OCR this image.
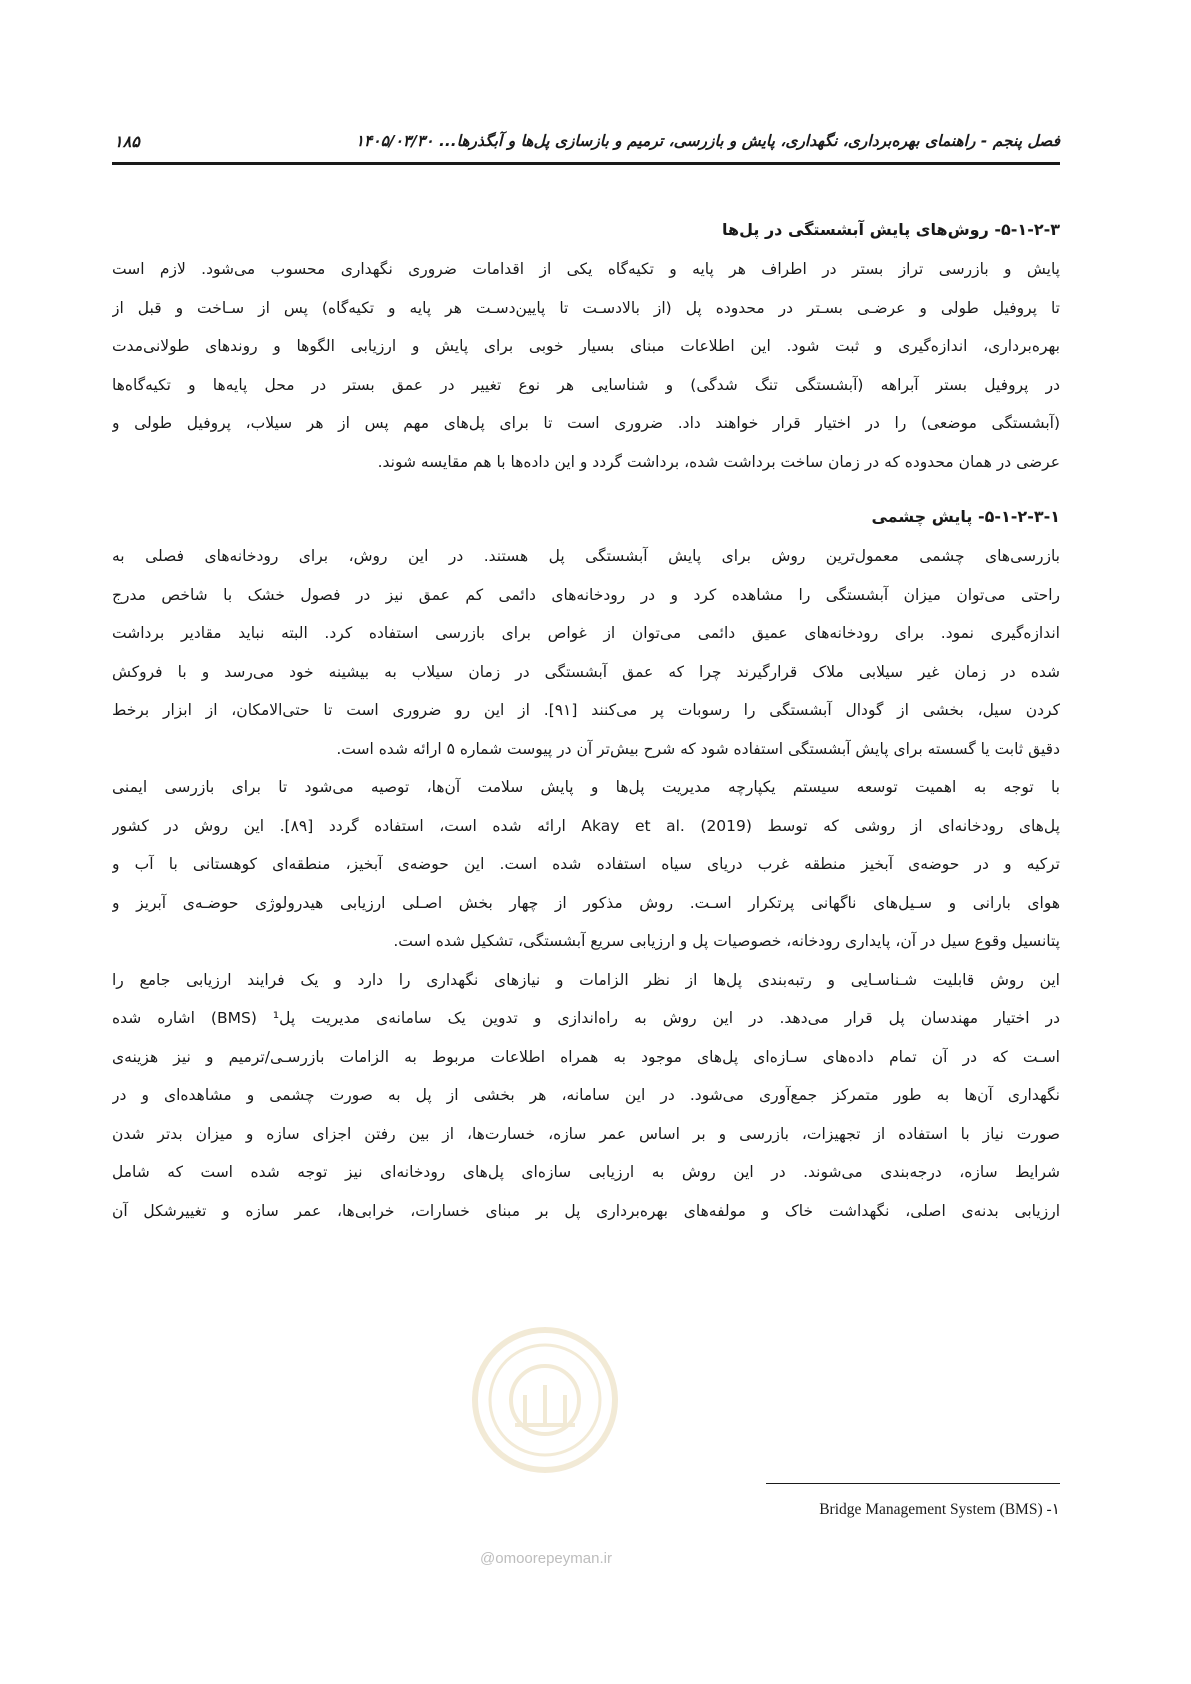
فصل پنجم - راهنمای بهره‌برداری، نگهداری، پایش و بازرسی، ترمیم و بازسازی پل‌ها و آبگذرها... ۱۴۰۵/۰۳/۳۰
۱۸۵
۵-۱-۲-۳- روش‌های پایش آبشستگی در پل‌ها
پایش و بازرسی تراز بستر در اطراف هر پایه و تکیه‌گاه یکی از اقدامات ضروری نگهداری محسوب می‌شود. لازم است
تا پروفیل طولی و عرضـی بسـتر در محدوده پل (از بالادسـت تا پایین‌دسـت هر پایه و تکیه‌گاه) پس از سـاخت و قبل از
بهره‌برداری، اندازه‌گیری و ثبت شود. این اطلاعات مبنای بسیار خوبی برای پایش و ارزیابی الگوها و روندهای طولانی‌مدت
در پروفیل بستر آبراهه (آبشستگی تنگ شدگی) و شناسایی هر نوع تغییر در عمق بستر در محل پایه‌ها و تکیه‌گاه‌ها
(آبشستگی موضعی) را در اختیار قرار خواهند داد. ضروری است تا برای پل‌های مهم پس از هر سیلاب، پروفیل طولی و
عرضی در همان محدوده که در زمان ساخت برداشت شده، برداشت گردد و این داده‌ها با هم مقایسه شوند.
۵-۱-۲-۳-۱- پایش چشمی
بازرسی‌های چشمی معمول‌ترین روش برای پایش آبشستگی پل هستند. در این روش، برای رودخانه‌های فصلی به
راحتی می‌توان میزان آبشستگی را مشاهده کرد و در رودخانه‌های دائمی کم عمق نیز در فصول خشک با شاخص مدرج
اندازه‌گیری نمود. برای رودخانه‌های عمیق دائمی می‌توان از غواص برای بازرسی استفاده کرد. البته نباید مقادیر برداشت
شده در زمان غیر سیلابی ملاک قرارگیرند چرا که عمق آبشستگی در زمان سیلاب به بیشینه خود می‌رسد و با فروکش
کردن سیل، بخشی از گودال آبشستگی را رسوبات پر می‌کنند [۹۱]. از این رو ضروری است تا حتی‌الامکان، از ابزار برخط
دقیق ثابت یا گسسته برای پایش آبشستگی استفاده شود که شرح بیش‌تر آن در پیوست شماره ۵ ارائه شده است.
با توجه به اهمیت توسعه سیستم یکپارچه مدیریت پل‌ها و پایش سلامت آن‌ها، توصیه می‌شود تا برای بازرسی ایمنی
پل‌های رودخانه‌ای از روشی که توسط Akay et al. (2019) ارائه شده است، استفاده گردد [۸۹]. این روش در کشور
ترکیه و در حوضه‌ی آبخیز منطقه غرب دریای سیاه استفاده شده است. این حوضه‌ی آبخیز، منطقه‌ای کوهستانی با آب و
هوای بارانی و سـیل‌های ناگهانی پرتکرار اسـت. روش مذکور از چهار بخش اصـلی ارزیابی هیدرولوژی حوضـه‌ی آبریز و
پتانسیل وقوع سیل در آن، پایداری رودخانه، خصوصیات پل و ارزیابی سریع آبشستگی، تشکیل شده است.
این روش قابلیت شـناسـایی و رتبه‌بندی پل‌ها از نظر الزامات و نیازهای نگهداری را دارد و یک فرایند ارزیابی جامع را
در اختیار مهندسان پل قرار می‌دهد. در این روش به راه‌اندازی و تدوین یک سامانه‌ی مدیریت پل¹ (BMS) اشاره شده
اسـت که در آن تمام داده‌های سـازه‌ای پل‌های موجود به همراه اطلاعات مربوط به الزامات بازرسـی/ترمیم و نیز هزینه‌ی
نگهداری آن‌ها به طور متمرکز جمع‌آوری می‌شود. در این سامانه، هر بخشی از پل به صورت چشمی و مشاهده‌ای و در
صورت نیاز با استفاده از تجهیزات، بازرسی و بر اساس عمر سازه، خسارت‌ها، از بین رفتن اجزای سازه و میزان بدتر شدن
شرایط سازه، درجه‌بندی می‌شوند. در این روش به ارزیابی سازه‌ای پل‌های رودخانه‌ای نیز توجه شده است که شامل
ارزیابی بدنه‌ی اصلی، نگهداشت خاک و مولفه‌های بهره‌برداری پل بر مبنای خسارات، خرابی‌ها، عمر سازه و تغییرشکل آن
۱- Bridge Management System (BMS)
@omoorepeyman.ir
